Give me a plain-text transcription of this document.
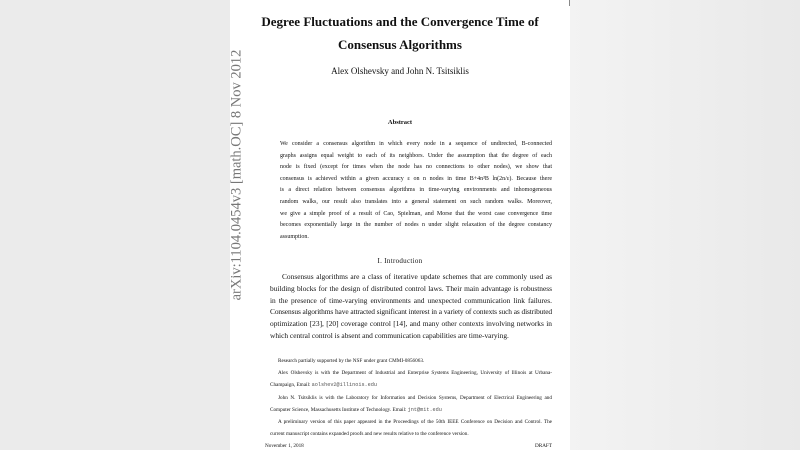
Degree Fluctuations and the Convergence Time of
Consensus Algorithms
Alex Olshevsky and John N. Tsitsiklis
Abstract
We consider a consensus algorithm in which every node in a sequence of undirected, B-connected
graphs assigns equal weight to each of its neighbors. Under the assumption that the degree of each
node is fixed (except for times when the node has no connections to other nodes), we show that
consensus is achieved within a given accuracy ε on n nodes in time B+4n³B ln(2n/ε). Because there
is a direct relation between consensus algorithms in time-varying environments and inhomogeneous
random walks, our result also translates into a general statement on such random walks. Moreover,
we give a simple proof of a result of Cao, Spielman, and Morse that the worst case convergence time
becomes exponentially large in the number of nodes n under slight relaxation of the degree constancy
assumption.
I. Introduction
Consensus algorithms are a class of iterative update schemes that are commonly used as
building blocks for the design of distributed control laws. Their main advantage is robustness
in the presence of time-varying environments and unexpected communication link failures.
Consensus algorithms have attracted significant interest in a variety of contexts such as distributed
optimization [23], [20] coverage control [14], and many other contexts involving networks in
which central control is absent and communication capabilities are time-varying.
Research partially supported by the NSF under grant CMMI-0856063.
Alex Olshevsky is with the Department of Industrial and Enterprise Systems Engineering, University of Illinois at Urbana-
Champaign, Email: aolshev2@illinois.edu
John N. Tsitsiklis is with the Laboratory for Information and Decision Systems, Department of Electrical Engineering and
Computer Science, Massachusetts Institute of Technology. Email: jnt@mit.edu
A preliminary version of this paper appeared in the Proceedings of the 50th IEEE Conference on Decision and Control. The
current manuscript contains expanded proofs and new results relative to the conference version.
November 1, 2018	DRAFT
arXiv:1104.0454v3 [math.OC] 8 Nov 2012
